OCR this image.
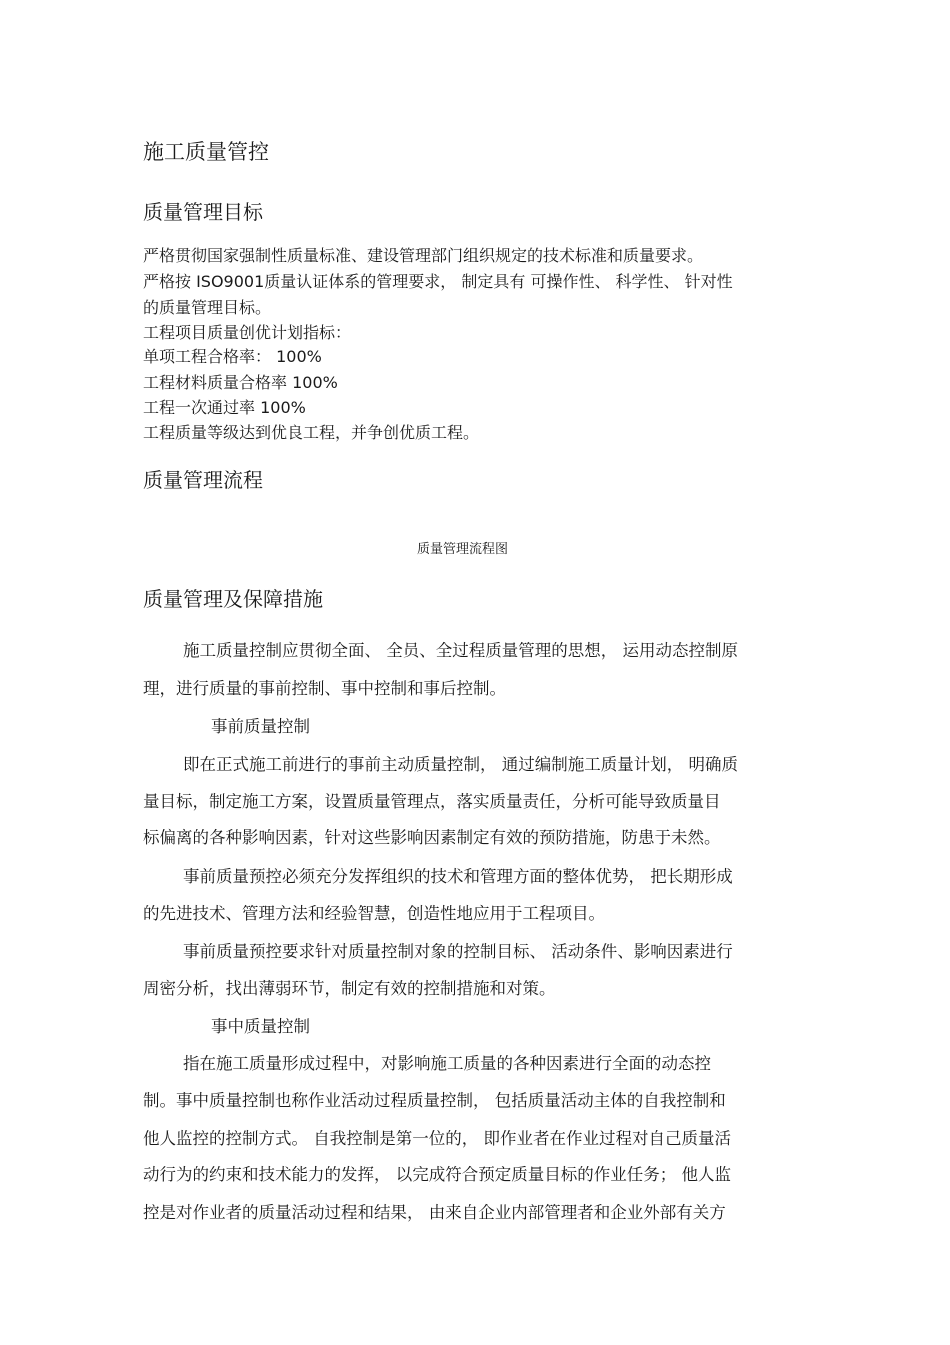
施工质量管控
质量管理目标
严格贯彻国家强制性质量标准、建设管理部门组织规定的技术标准和质量要求。
严格按 ISO9001质量认证体系的管理要求， 制定具有 可操作性、 科学性、 针对性
的质量管理目标。
工程项目质量创优计划指标：
单项工程合格率： 100%
工程材料质量合格率 100%
工程一次通过率 100%
工程质量等级达到优良工程，并争创优质工程。
质量管理流程
质量管理流程图
质量管理及保障措施
施工质量控制应贯彻全面、 全员、全过程质量管理的思想， 运用动态控制原
理，进行质量的事前控制、事中控制和事后控制。
事前质量控制
即在正式施工前进行的事前主动质量控制， 通过编制施工质量计划， 明确质
量目标，制定施工方案，设置质量管理点，落实质量责任，分析可能导致质量目
标偏离的各种影响因素，针对这些影响因素制定有效的预防措施，防患于未然。
事前质量预控必须充分发挥组织的技术和管理方面的整体优势， 把长期形成
的先进技术、管理方法和经验智慧，创造性地应用于工程项目。
事前质量预控要求针对质量控制对象的控制目标、 活动条件、影响因素进行
周密分析，找出薄弱环节，制定有效的控制措施和对策。
事中质量控制
指在施工质量形成过程中，对影响施工质量的各种因素进行全面的动态控
制。事中质量控制也称作业活动过程质量控制， 包括质量活动主体的自我控制和
他人监控的控制方式。 自我控制是第一位的， 即作业者在作业过程对自己质量活
动行为的约束和技术能力的发挥， 以完成符合预定质量目标的作业任务； 他人监
控是对作业者的质量活动过程和结果， 由来自企业内部管理者和企业外部有关方
